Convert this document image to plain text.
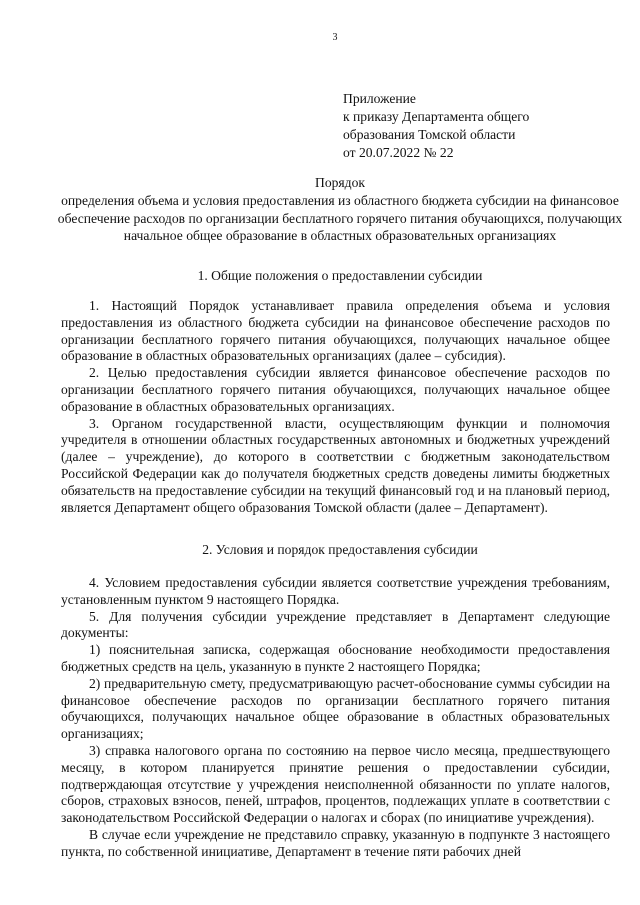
3
Приложение
к приказу Департамента общего
образования Томской области
от 20.07.2022 № 22
Порядок
определения объема и условия предоставления из областного бюджета субсидии на финансовое обеспечение расходов по организации бесплатного горячего питания обучающихся, получающих начальное общее образование в областных образовательных организациях
1. Общие положения о предоставлении субсидии

1. Настоящий Порядок устанавливает правила определения объема и условия предоставления из областного бюджета субсидии на финансовое обеспечение расходов по организации бесплатного горячего питания обучающихся, получающих начальное общее образование в областных образовательных организациях (далее – субсидия).

2. Целью предоставления субсидии является финансовое обеспечение расходов по организации бесплатного горячего питания обучающихся, получающих начальное общее образование в областных образовательных организациях.

3. Органом государственной власти, осуществляющим функции и полномочия учредителя в отношении областных государственных автономных и бюджетных учреждений (далее – учреждение), до которого в соответствии с бюджетным законодательством Российской Федерации как до получателя бюджетных средств доведены лимиты бюджетных обязательств на предоставление субсидии на текущий финансовый год и на плановый период, является Департамент общего образования Томской области (далее – Департамент).

2. Условия и порядок предоставления субсидии

4. Условием предоставления субсидии является соответствие учреждения требованиям, установленным пунктом 9 настоящего Порядка.

5. Для получения субсидии учреждение представляет в Департамент следующие документы:

1) пояснительная записка, содержащая обоснование необходимости предоставления бюджетных средств на цель, указанную в пункте 2 настоящего Порядка;

2) предварительную смету, предусматривающую расчет-обоснование суммы субсидии на финансовое обеспечение расходов по организации бесплатного горячего питания обучающихся, получающих начальное общее образование в областных образовательных организациях;

3) справка налогового органа по состоянию на первое число месяца, предшествующего месяцу, в котором планируется принятие решения о предоставлении субсидии, подтверждающая отсутствие у учреждения неисполненной обязанности по уплате налогов, сборов, страховых взносов, пеней, штрафов, процентов, подлежащих уплате в соответствии с законодательством Российской Федерации о налогах и сборах (по инициативе учреждения).

В случае если учреждение не представило справку, указанную в подпункте 3 настоящего пункта, по собственной инициативе, Департамент в течение пяти рабочих дней
